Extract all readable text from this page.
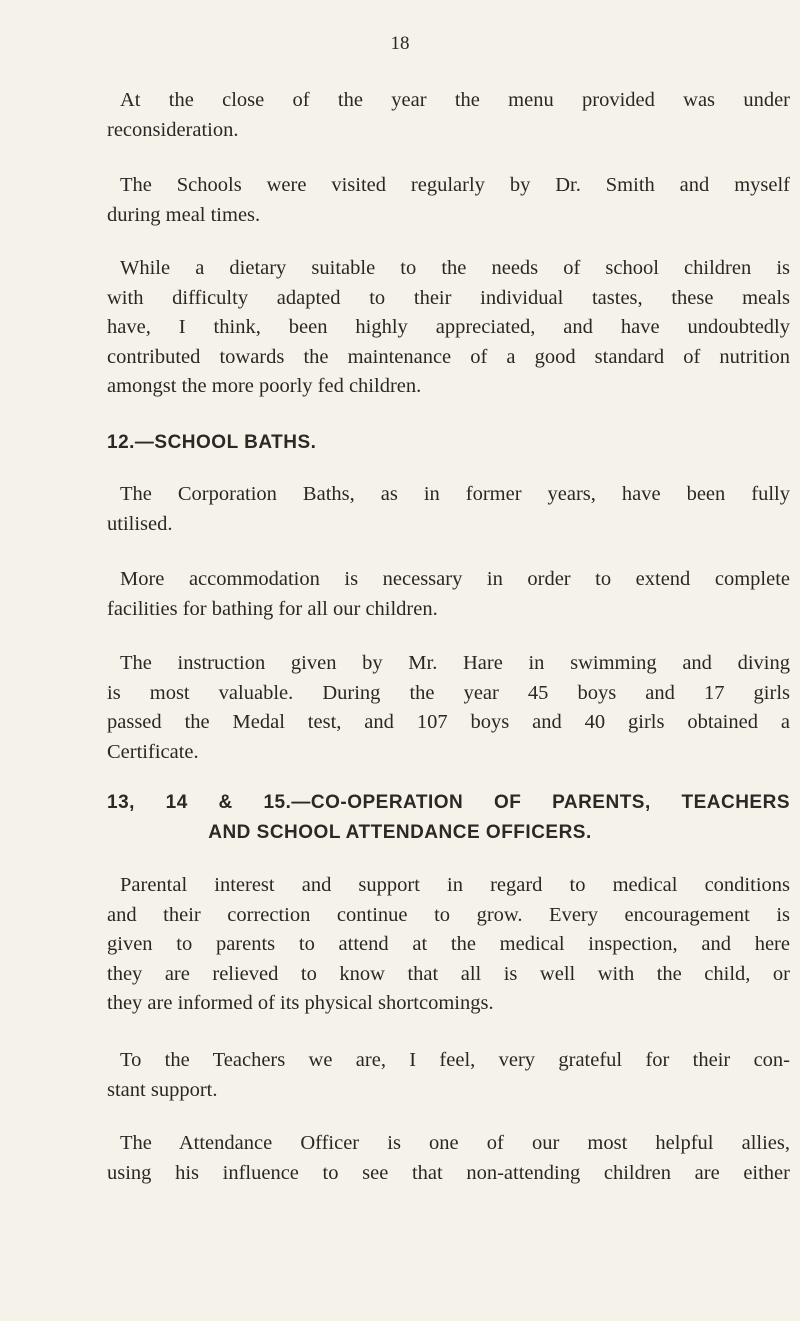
18
12.—SCHOOL BATHS.
13, 14 & 15.—CO-OPERATION OF PARENTS, TEACHERS
AND SCHOOL ATTENDANCE OFFICERS.
At the close of the year the menu provided was under
reconsideration.
The Schools were visited regularly by Dr. Smith and myself
during meal times.
While a dietary suitable to the needs of school children is
with difficulty adapted to their individual tastes, these meals
have, I think, been highly appreciated, and have undoubtedly
contributed towards the maintenance of a good standard of nutrition
amongst the more poorly fed children.
The Corporation Baths, as in former years, have been fully
utilised.
More accommodation is necessary in order to extend complete
facilities for bathing for all our children.
The instruction given by Mr. Hare in swimming and diving
is most valuable. During the year 45 boys and 17 girls
passed the Medal test, and 107 boys and 40 girls obtained a
Certificate.
Parental interest and support in regard to medical conditions
and their correction continue to grow. Every encouragement is
given to parents to attend at the medical inspection, and here
they are relieved to know that all is well with the child, or
they are informed of its physical shortcomings.
To the Teachers we are, I feel, very grateful for their con-
stant support.
The Attendance Officer is one of our most helpful allies,
using his influence to see that non-attending children are either
